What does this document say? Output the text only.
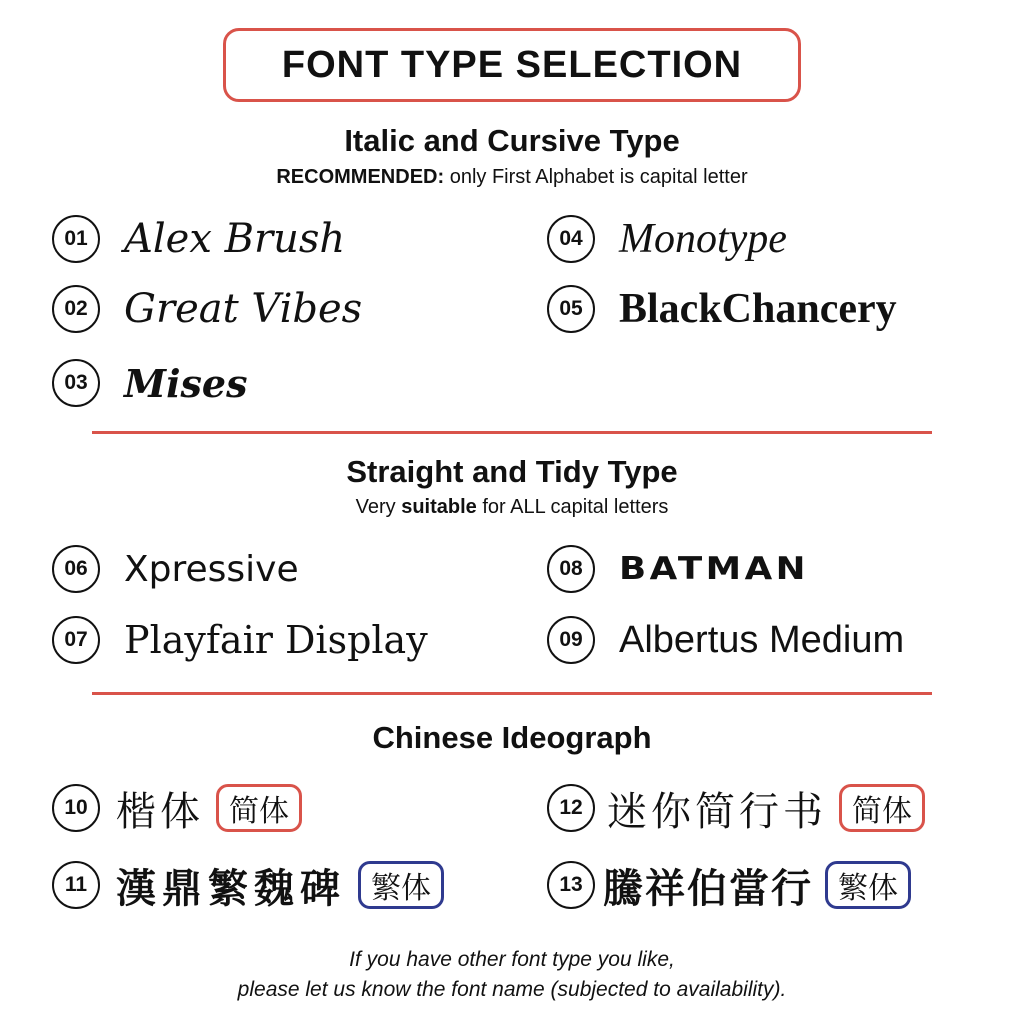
FONT TYPE SELECTION
Italic and Cursive Type
RECOMMENDED: only First Alphabet is capital letter
01 Alex Brush
02 Great Vibes
03 Mises
04 Monotype
05 BlackChancery
Straight and Tidy Type
Very suitable for ALL capital letters
06	Xpressive
07 Playfair Display
08	BATMAN
09 Albertus Medium
Chinese Ideograph
10 楷体 简体
11 漢鼎繁魏碑 繁体
12 迷你简行书 简体
13 騰祥伯當行 繁体
If you have other font type you like,
please let us know the font name (subjected to availability).
